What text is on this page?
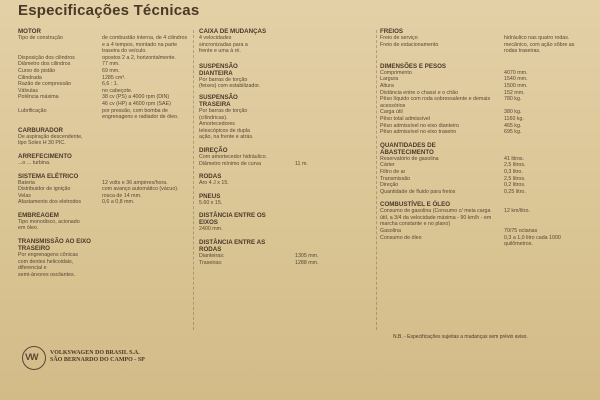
Especificações Técnicas
MOTOR
Tipo de construção	de combustão interna, de 4 cilindros e a 4 tempos, montado na parte traseira do veículo.
Disposição dos cilindros	opostos 2 a 2, horizontalmente.
Diâmetro dos cilindros	77 mm.
Curso do pistão	69 mm.
Cilindrada	1285 cm³.
Razão de compressão	6,6 : 1.
Válvulas	no cabeçote.
Potência máxima	38 cv (PS) a 4000 rpm (DIN)
46 cv (HP) a 4600 rpm (SAE)
Lubrificação	por pressão, com bomba de engrenagens e radiador de óleo.
CARBURADOR
De aspiração descendente,
tipo Solex H 30 PIC.
ARREFECIMENTO
...o ... turbina.
SISTEMA ELÉTRICO
Bateria	12 volts e 36 ampères/hora.
Distribuidor de ignição	com avanço automático (vácuo).
Velas	rosca de 14 mm.
Afastamento dos eletrodos	0,6 a 0,8 mm.
EMBREAGEM
Tipo monodisco, acionado
em óleo.
TRANSMISSÃO AO EIXO TRASEIRO
Por engrenagens cônicas
com dentes helicoidais,
diferencial e
semi-árvores oscilantes.
CAIXA DE MUDANÇAS
4 velocidades
sincronizadas para a
frente e uma à ré.
SUSPENSÃO DIANTEIRA
Por barras de torção
(feixes) com estabilizador.
SUSPENSÃO TRASEIRA
Por barras de torção
(cilíndricas).
Amortecedores
telescópicos de dupla
ação, na frente e atrás.
DIREÇÃO
Com amortecedor hidráulico.
Diâmetro mínimo de curva	11 m.
RODAS
Aro 4 J x 15.
PNEUS
5.60 x 15.
DISTÂNCIA ENTRE OS EIXOS
2400 mm.
DISTÂNCIA ENTRE AS RODAS
Dianteiras:	1305 mm.
Traseiras:	1288 mm.
FREIOS
Freio de serviço	hidráulico nas quatro rodas.
Freio de estacionamento	mecânico, com ação sôbre as rodas traseiras.
DIMENSÕES E PESOS
Comprimento	4070 mm.
Largura	1540 mm.
Altura	1500 mm.
Distância entre o chassi e o chão	152 mm.
Pêso líquido com roda sobressalente e demais acessórios
780 kg.
Carga útil	380 kg.
Pêso total admissível	1160 kg.
Pêso admissível no eixo dianteiro	465 kg.
Pêso admissível no eixo traseiro	695 kg.
QUANTIDADES DE ABASTECIMENTO
Reservatório de gasolina	41 litros.
Cárter	2,5 litros.
Filtro de ar	0,3 litro.
Transmissão	2,5 litros.
Direção	0,2 litros.
Quantidade de fluido para freios	0,25 litro.
COMBUSTÍVEL E ÓLEO
Consumo de gasolina (Consumo c/ meia carga útil, a 3/4 da velocidade máxima - 90 km/h - em marcha constante e no plano)
12 km/litro.
Gasolina	70/75 octanas
Consumo de óleo	0,3 a 1,0 litro cada 1000 quilômetros.
N.B. - Especificações sujeitas a mudanças sem prévio aviso.
VW
VOLKSWAGEN DO BRASIL S.A.
SÃO BERNARDO DO CAMPO - SP
